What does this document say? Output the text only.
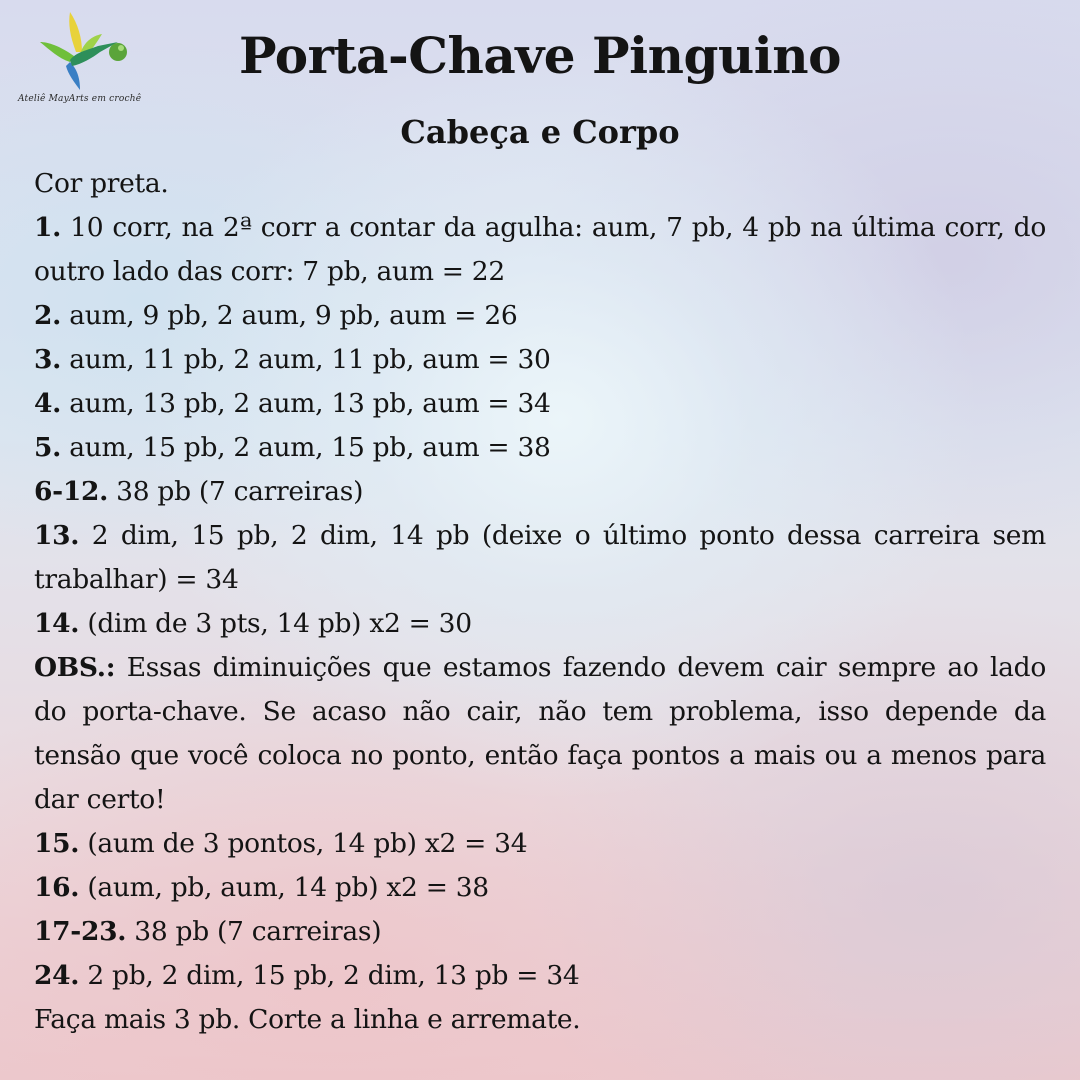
Ateliê MayArts em crochê
Porta-Chave Pinguino
Cabeça e Corpo

Cor preta.

1. 10 corr, na 2ª corr a contar da agulha: aum, 7 pb, 4 pb na última corr, do outro lado das corr: 7 pb, aum = 22

2. aum, 9 pb, 2 aum, 9 pb, aum = 26

3. aum, 11 pb, 2 aum, 11 pb, aum = 30

4. aum, 13 pb, 2 aum, 13 pb, aum = 34

5. aum, 15 pb, 2 aum, 15 pb, aum = 38

6-12. 38 pb (7 carreiras)

13. 2 dim, 15 pb, 2 dim, 14 pb (deixe o último ponto dessa carreira sem trabalhar) = 34

14. (dim de 3 pts, 14 pb) x2 = 30

OBS.: Essas diminuições que estamos fazendo devem cair sempre ao lado do porta-chave. Se acaso não cair, não tem problema, isso depende da tensão que você coloca no ponto, então faça pontos a mais ou a menos para dar certo!

15. (aum de 3 pontos, 14 pb) x2 = 34

16. (aum, pb, aum, 14 pb) x2 = 38

17-23. 38 pb (7 carreiras)

24. 2 pb, 2 dim, 15 pb, 2 dim, 13 pb = 34

Faça mais 3 pb. Corte a linha e arremate.
